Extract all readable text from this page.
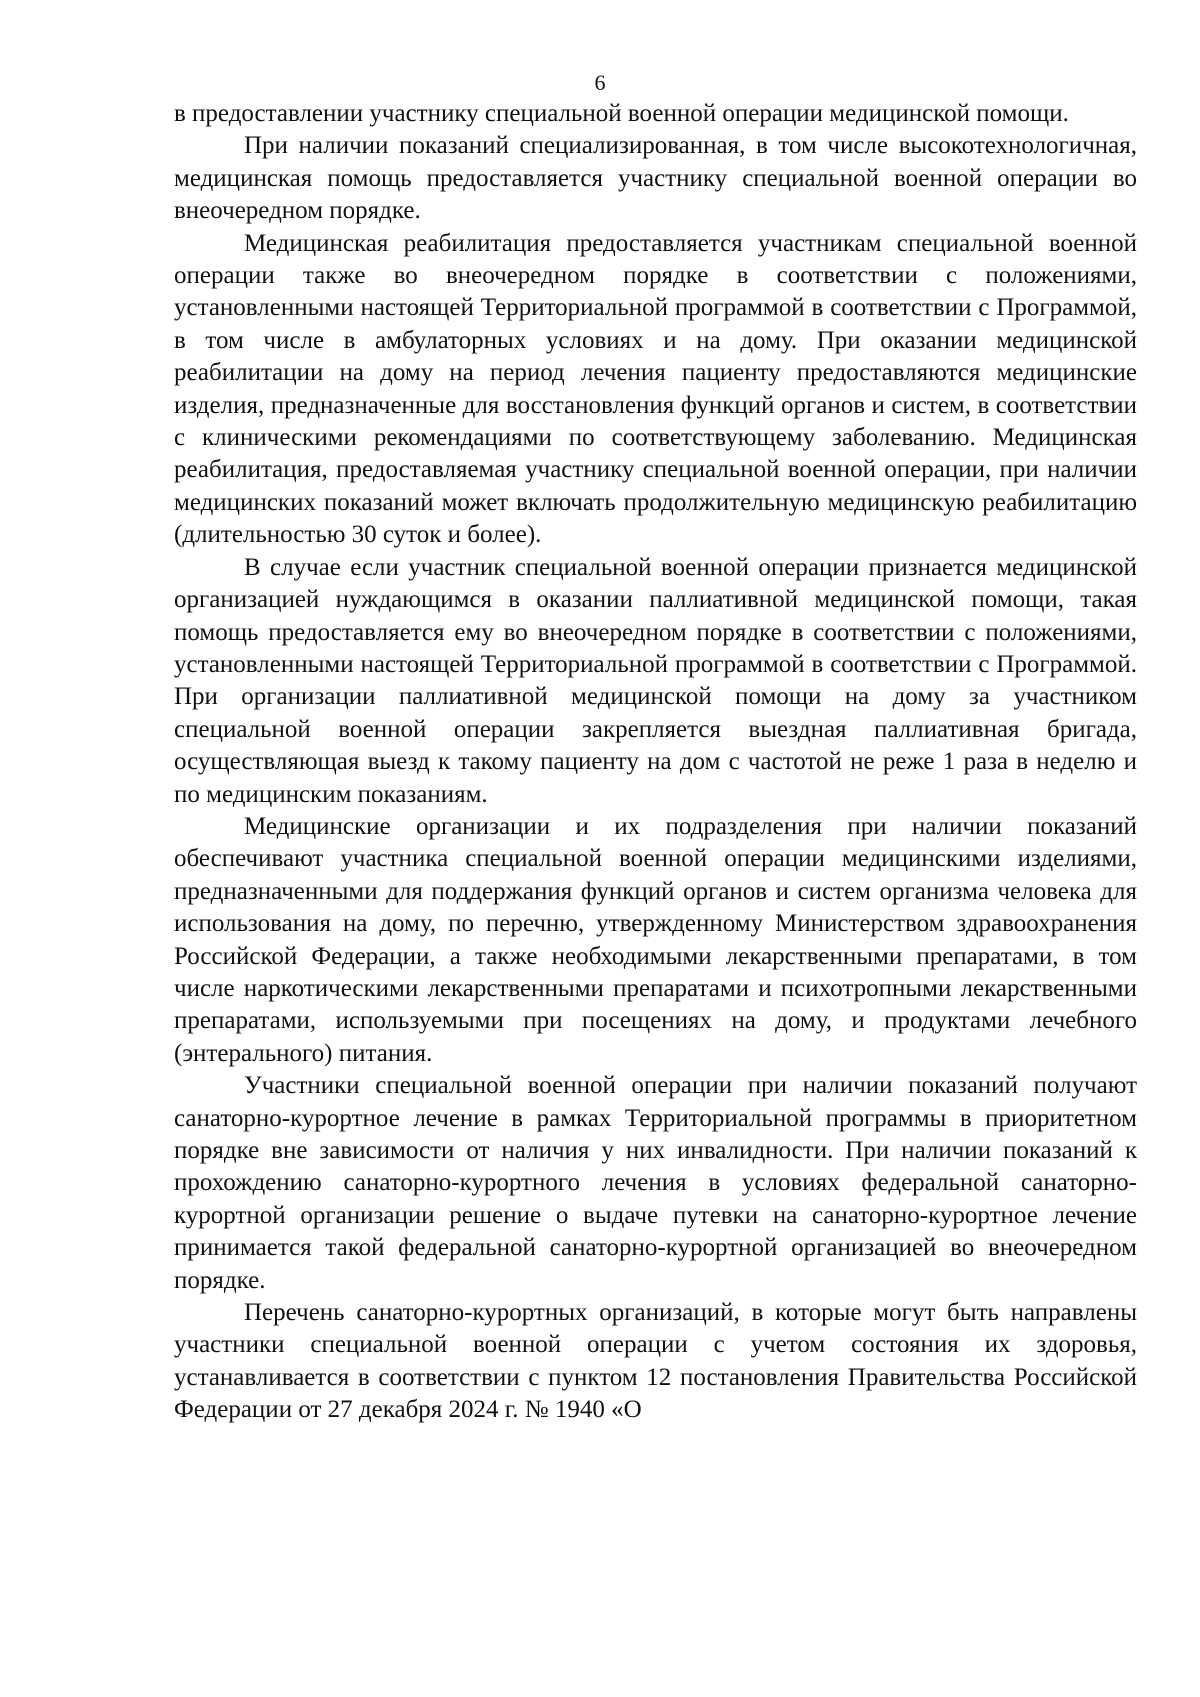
6

в предоставлении участнику специальной военной операции медицинской помощи.

При наличии показаний специализированная, в том числе высокотехнологичная, медицинская помощь предоставляется участнику специальной военной операции во внеочередном порядке.

Медицинская реабилитация предоставляется участникам специальной военной операции также во внеочередном порядке в соответствии с положениями, установленными настоящей Территориальной программой в соответствии с Программой, в том числе в амбулаторных условиях и на дому. При оказании медицинской реабилитации на дому на период лечения пациенту предоставляются медицинские изделия, предназначенные для восстановления функций органов и систем, в соответствии с клиническими рекомендациями по соответствующему заболеванию. Медицинская реабилитация, предоставляемая участнику специальной военной операции, при наличии медицинских показаний может включать продолжительную медицинскую реабилитацию (длительностью 30 суток и более).

В случае если участник специальной военной операции признается медицинской организацией нуждающимся в оказании паллиативной медицинской помощи, такая помощь предоставляется ему во внеочередном порядке в соответствии с положениями, установленными настоящей Территориальной программой в соответствии с Программой. При организации паллиативной медицинской помощи на дому за участником специальной военной операции закрепляется выездная паллиативная бригада, осуществляющая выезд к такому пациенту на дом с частотой не реже 1 раза в неделю и по медицинским показаниям.

Медицинские организации и их подразделения при наличии показаний обеспечивают участника специальной военной операции медицинскими изделиями, предназначенными для поддержания функций органов и систем организма человека для использования на дому, по перечню, утвержденному Министерством здравоохранения Российской Федерации, а также необходимыми лекарственными препаратами, в том числе наркотическими лекарственными препаратами и психотропными лекарственными препаратами, используемыми при посещениях на дому, и продуктами лечебного (энтерального) питания.

Участники специальной военной операции при наличии показаний получают санаторно-курортное лечение в рамках Территориальной программы в приоритетном порядке вне зависимости от наличия у них инвалидности. При наличии показаний к прохождению санаторно-курортного лечения в условиях федеральной санаторно-курортной организации решение о выдаче путевки на санаторно-курортное лечение принимается такой федеральной санаторно-курортной организацией во внеочередном порядке.

Перечень санаторно-курортных организаций, в которые могут быть направлены участники специальной военной операции с учетом состояния их здоровья, устанавливается в соответствии с пунктом 12 постановления Правительства Российской Федерации от 27 декабря 2024 г. № 1940 «О
